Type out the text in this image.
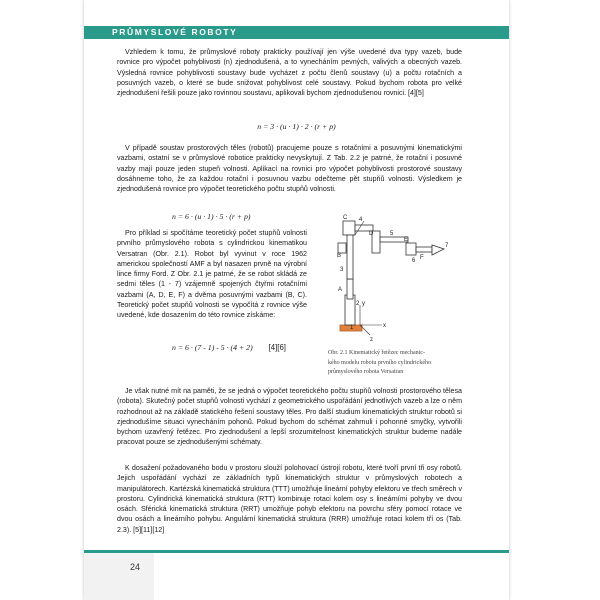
PRŮMYSLOVÉ ROBOTY

Vzhledem k tomu, že průmyslové roboty prakticky používají jen výše uvedené dva typy vazeb, bude rovnice pro výpočet pohyblivosti (n) zjednodušená, a to vynecháním pevných, valivých a obecných vazeb. Výsledná rovnice pohyblivosti soustavy bude vycházet z počtu členů soustavy (u) a počtu rotačních a posuvných vazeb, o které se bude snižovat pohyblivost celé soustavy. Pokud bychom robota pro velké zjednodušení řešili pouze jako rovinnou soustavu, aplikovali bychom zjednodušenou rovnici. [4][5]

n = 3 · (u · 1) · 2 · (r + p)

V případě soustav prostorových těles (robotů) pracujeme pouze s rotačními a posuvnými kinematickými vazbami, ostatní se v průmyslové robotice prakticky nevyskytují. Z Tab. 2.2 je patrné, že rotační i posuvné vazby mají pouze jeden stupeň volnosti. Aplikací na rovnici pro výpočet pohyblivosti prostorové soustavy dosáhneme toho, že za každou rotační i posuvnou vazbu odečteme pět stupňů volnosti. Výsledkem je zjednodušená rovnice pro výpočet teoretického počtu stupňů volnosti.

n = 6 · (u · 1) · 5 · (r + p)

Pro příklad si spočítáme teoretický počet stupňů volnosti prvního průmyslového robota s cylindrickou kinematikou Versatran (Obr. 2.1). Robot byl vyvinut v roce 1962 americkou společností AMF a byl nasazen prvně na výrobní lince firmy Ford. Z Obr. 2.1 je patrné, že se robot skládá ze sedmi těles (1 - 7) vzájemně spojených čtyřmi rotačními vazbami (A, D, E, F) a dvěma posuvnými vazbami (B, C). Teoretický počet stupňů volnosti se vypočítá z rovnice výše uvedené, kde dosazením do této rovnice získáme:

n = 6 · (7 - 1) - 5 · (4 + 2) [4][6]
C
B
A
D
E
F
1
2
3
4
5
6
7
x
y
z
Obr. 2.1 Kinematický řetězec mechanic-
kého modelu robotu prvního cylindrického
průmyslového robota Versatran

Je však nutné mít na paměti, že se jedná o výpočet teoretického počtu stupňů volnosti prostorového tělesa (robota). Skutečný počet stupňů volnosti vychází z geometrického uspořádání jednotlivých vazeb a lze o něm rozhodnout až na základě statického řešení soustavy těles. Pro další studium kinematických struktur robotů si zjednodušíme situaci vynecháním pohonů. Pokud bychom do schémat zahrnuli i pohonné smyčky, vytvořili bychom uzavřený řetězec. Pro zjednodušení a lepší srozumitelnost kinematických struktur budeme nadále pracovat pouze se zjednodušenými schématy.

K dosažení požadovaného bodu v prostoru slouží polohovací ústrojí robotu, které tvoří první tři osy robotů. Jejich uspořádání vychází ze základních typů kinematických struktur v průmyslových robotech a manipulátorech. Kartézská kinematická struktura (TTT) umožňuje lineární pohyby efektoru ve třech směrech v prostoru. Cylindrická kinematická struktura (RTT) kombinuje rotaci kolem osy s lineárními pohyby ve dvou osách. Sférická kinematická struktura (RRT) umožňuje pohyb efektoru na povrchu sféry pomocí rotace ve dvou osách a lineárního pohybu. Angulární kinematická struktura (RRR) umožňuje rotaci kolem tří os (Tab. 2.3). [5][11][12]

24
